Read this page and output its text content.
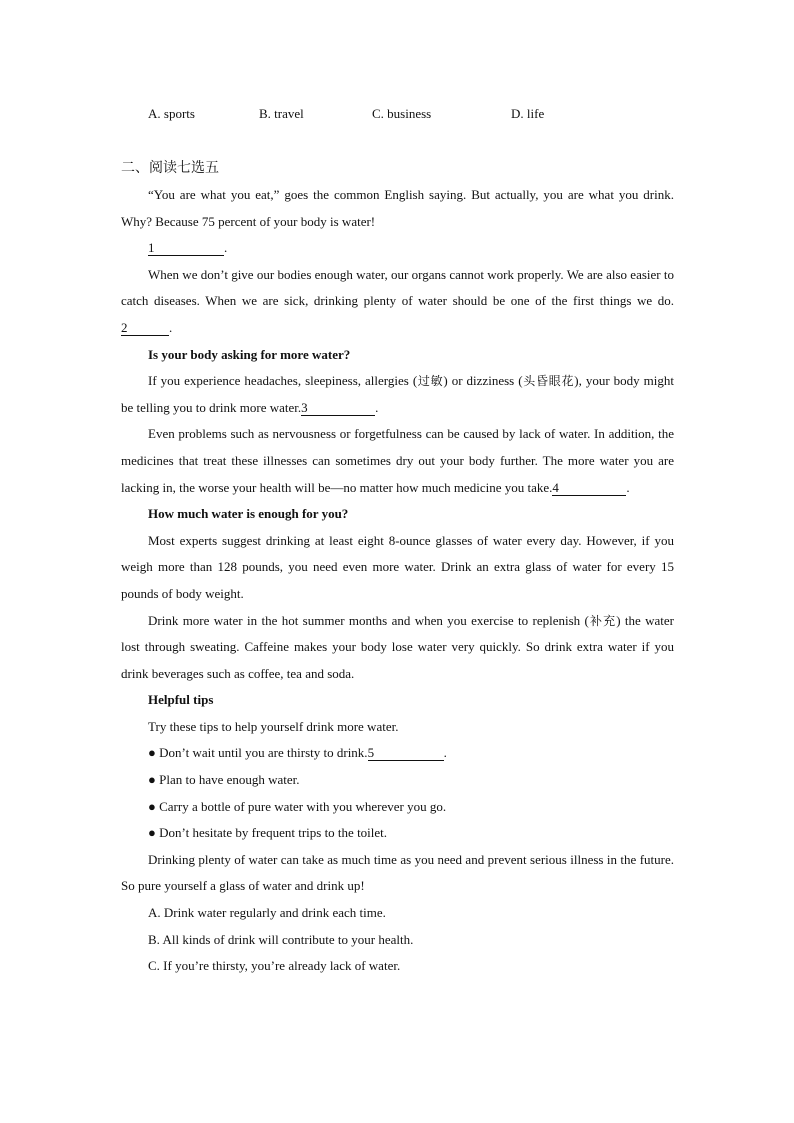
A. sports	B. travel	C. business	D. life
二、阅读七选五

“You are what you eat,” goes the common English saying. But actually, you are what you drink. Why? Because 75 percent of your body is water!

1	.

When we don’t give our bodies enough water, our organs cannot work properly. We are also easier to catch diseases. When we are sick, drinking plenty of water should be one of the first things we do.2	.

Is your body asking for more water?

If you experience headaches, sleepiness, allergies (过敏) or dizziness (头昏眼花), your body might be telling you to drink more water.3	.

Even problems such as nervousness or forgetfulness can be caused by lack of water. In addition, the medicines that treat these illnesses can sometimes dry out your body further. The more water you are lacking in, the worse your health will be—no matter how much medicine you take.4	.

How much water is enough for you?

Most experts suggest drinking at least eight 8-ounce glasses of water every day. However, if you weigh more than 128 pounds, you need even more water. Drink an extra glass of water for every 15 pounds of body weight.

Drink more water in the hot summer months and when you exercise to replenish (补充) the water lost through sweating. Caffeine makes your body lose water very quickly. So drink extra water if you drink beverages such as coffee, tea and soda.

Helpful tips

Try these tips to help yourself drink more water.

● Don’t wait until you are thirsty to drink.5	.

● Plan to have enough water.

● Carry a bottle of pure water with you wherever you go.

● Don’t hesitate by frequent trips to the toilet.

Drinking plenty of water can take as much time as you need and prevent serious illness in the future. So pure yourself a glass of water and drink up!

A. Drink water regularly and drink each time.

B. All kinds of drink will contribute to your health.

C. If you’re thirsty, you’re already lack of water.
